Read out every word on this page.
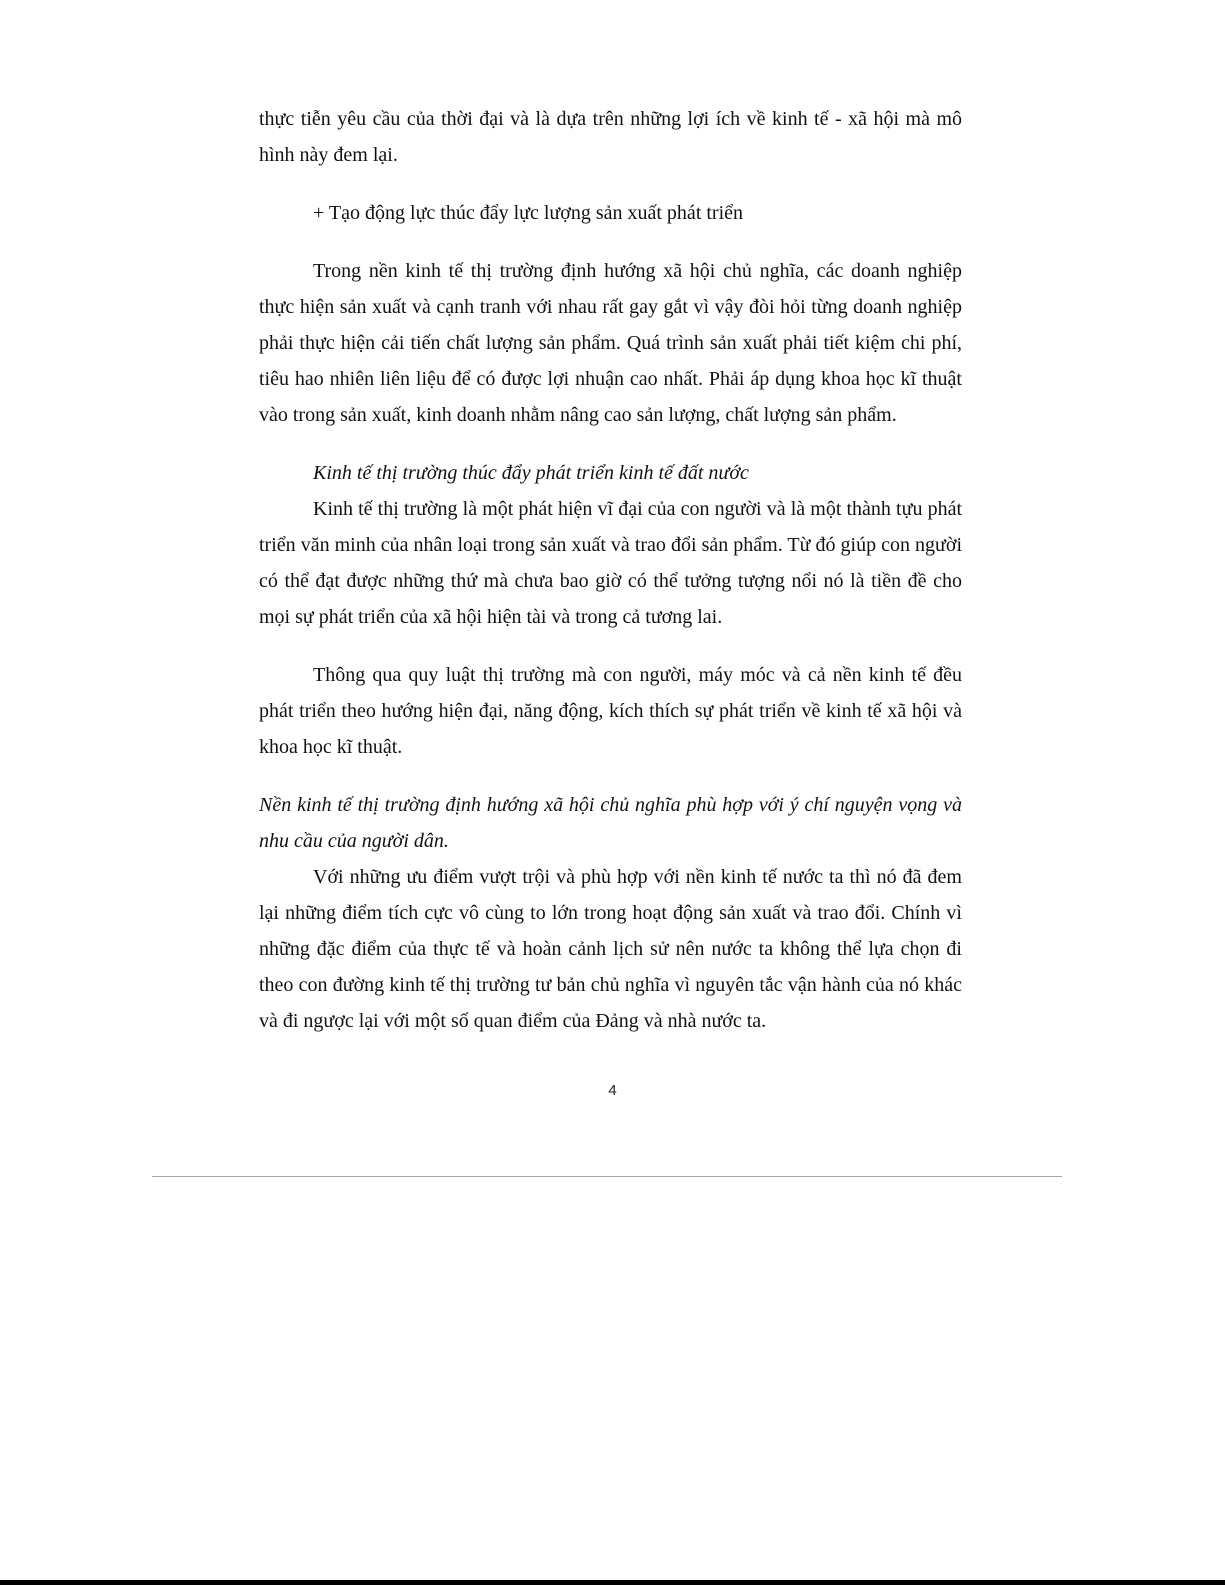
thực tiễn yêu cầu của thời đại và là dựa trên những lợi ích về kinh tế - xã hội mà mô hình này đem lại.

+ Tạo động lực thúc đẩy lực lượng sản xuất phát triển

Trong nền kinh tế thị trường định hướng xã hội chủ nghĩa, các doanh nghiệp thực hiện sản xuất và cạnh tranh với nhau rất gay gắt vì vậy đòi hỏi từng doanh nghiệp phải thực hiện cải tiến chất lượng sản phẩm. Quá trình sản xuất phải tiết kiệm chi phí, tiêu hao nhiên liên liệu để có được lợi nhuận cao nhất. Phải áp dụng khoa học kĩ thuật vào trong sản xuất, kinh doanh nhằm nâng cao sản lượng, chất lượng sản phẩm.

Kinh tế thị trường thúc đẩy phát triển kinh tế đất nước

Kinh tế thị trường là một phát hiện vĩ đại của con người và là một thành tựu phát triển văn minh của nhân loại trong sản xuất và trao đổi sản phẩm. Từ đó giúp con người có thể đạt được những thứ mà chưa bao giờ có thể tưởng tượng nổi nó là tiền đề cho mọi sự phát triển của xã hội hiện tài và trong cả tương lai.

Thông qua quy luật thị trường mà con người, máy móc và cả nền kinh tế đều phát triển theo hướng hiện đại, năng động, kích thích sự phát triển về kinh tế xã hội và khoa học kĩ thuật.

Nền kinh tế thị trường định hướng xã hội chủ nghĩa phù hợp với ý chí nguyện vọng và nhu cầu của người dân.

Với những ưu điểm vượt trội và phù hợp với nền kinh tế nước ta thì nó đã đem lại những điểm tích cực vô cùng to lớn trong hoạt động sản xuất và trao đổi. Chính vì những đặc điểm của thực tế và hoàn cảnh lịch sử nên nước ta không thể lựa chọn đi theo con đường kinh tế thị trường tư bản chủ nghĩa vì nguyên tắc vận hành của nó khác và đi ngược lại với một số quan điểm của Đảng và nhà nước ta.

4
